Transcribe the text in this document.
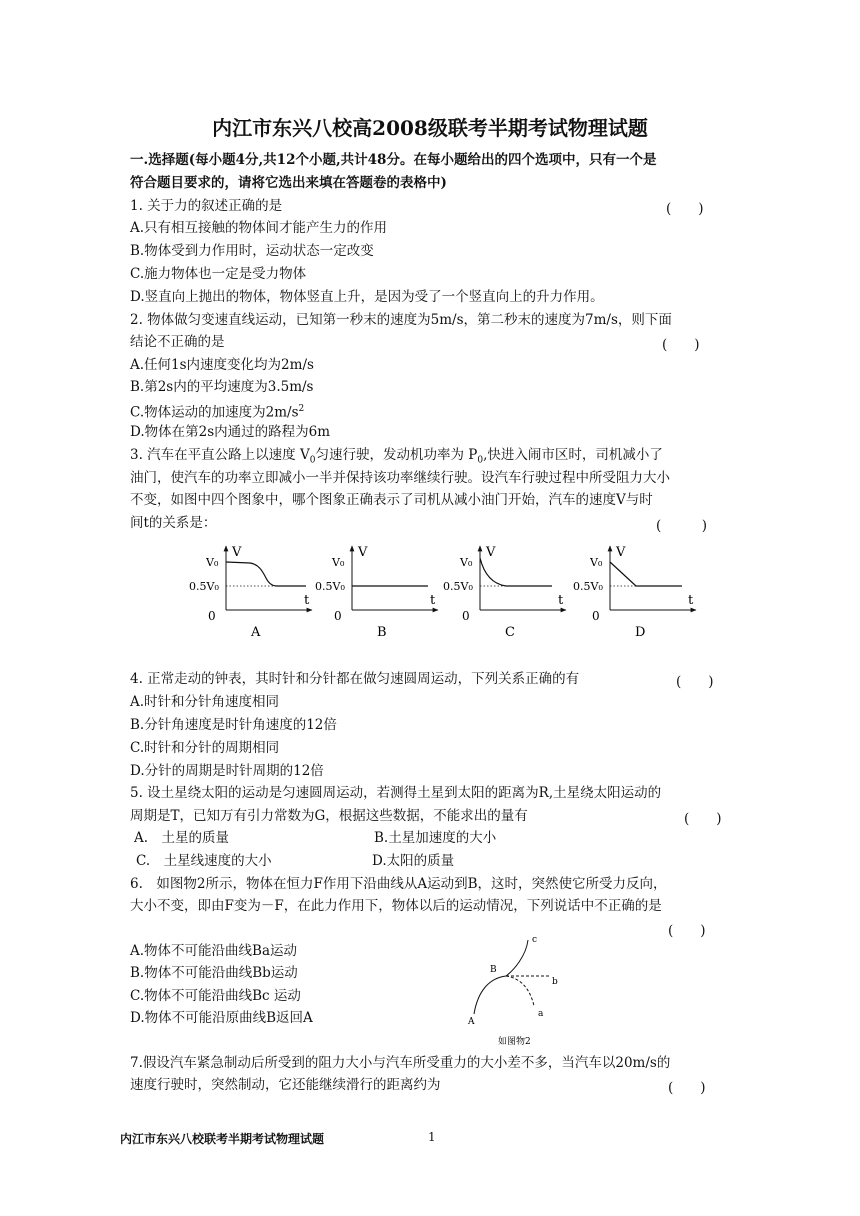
内江市东兴八校高2008级联考半期考试物理试题
一.选择题(每小题4分,共12个小题,共计48分。在每小题给出的四个选项中，只有一个是
符合题目要求的，请将它选出来填在答题卷的表格中)
1. 关于力的叙述正确的是	(　　)
A.只有相互接触的物体间才能产生力的作用
B.物体受到力作用时，运动状态一定改变
C.施力物体也一定是受力物体
D.竖直向上抛出的物体，物体竖直上升，是因为受了一个竖直向上的升力作用。
2. 物体做匀变速直线运动，已知第一秒末的速度为5m/s，第二秒末的速度为7m/s，则下面
结论不正确的是	(　　)
A.任何1s内速度变化均为2m/s
B.第2s内的平均速度为3.5m/s
C.物体运动的加速度为$2m/s^2$
D.物体在第2s内通过的路程为6m
3. 汽车在平直公路上以速度 $V_0$匀速行驶，发动机功率为 $P_0$,快进入闹市区时，司机减小了
油门，使汽车的功率立即减小一半并保持该功率继续行驶。设汽车行驶过程中所受阻力大小
不变，如图中四个图象中，哪个图象正确表示了司机从减小油门开始，汽车的速度V与时
间t的关系是：	(　　　)
V
V₀
0.5V₀
t
0
A
V
V₀
0.5V₀
t
0
B
V
V₀
0.5V₀
t
0
C
V
V₀
0.5V₀
t
0
D
4. 正常走动的钟表，其时针和分针都在做匀速圆周运动，下列关系正确的有	(　　)
A.时针和分针角速度相同
B.分针角速度是时针角速度的12倍
C.时针和分针的周期相同
D.分针的周期是时针周期的12倍
5. 设土星绕太阳的运动是匀速圆周运动，若测得土星到太阳的距离为R,土星绕太阳运动的
周期是T，已知万有引力常数为G，根据这些数据，不能求出的量有	(　　)
A.　土星的质量	B.土星加速度的大小
C.　土星线速度的大小	D.太阳的质量
6.　如图物2所示，物体在恒力F作用下沿曲线从A运动到B，这时，突然使它所受力反向，
大小不变，即由F变为－F，在此力作用下，物体以后的运动情况，下列说话中不正确的是
(　　)
A.物体不可能沿曲线Ba运动
B.物体不可能沿曲线Bb运动
C.物体不可能沿曲线Bc 运动
D.物体不可能沿原曲线B返回A	A
B
c
b
a
如图物2
7.假设汽车紧急制动后所受到的阻力大小与汽车所受重力的大小差不多，当汽车以20m/s的
速度行驶时，突然制动，它还能继续滑行的距离约为	(　　)
内江市东兴八校联考半期考试物理试题	1
